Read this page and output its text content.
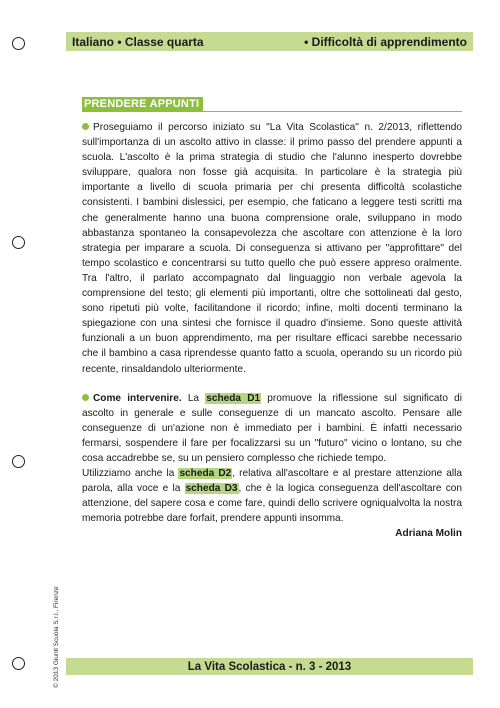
Italiano • Classe quarta	• Difficoltà di apprendimento
PRENDERE APPUNTI

Proseguiamo il percorso iniziato su "La Vita Scolastica" n. 2/2013, riflettendo sull'importanza di un ascolto attivo in classe: il primo passo del prendere appunti a scuola. L'ascolto è la prima strategia di studio che l'alunno inesperto dovrebbe sviluppare, qualora non fosse già acquisita. In particolare è la strategia più importante a livello di scuola primaria per chi presenta difficoltà scolastiche consistenti. I bambini dislessici, per esempio, che faticano a leggere testi scritti ma che generalmente hanno una buona comprensione orale, sviluppano in modo abbastanza spontaneo la consapevolezza che ascoltare con attenzione è la loro strategia per imparare a scuola. Di conseguenza si attivano per "approfittare" del tempo scolastico e concentrarsi su tutto quello che può essere appreso oralmente. Tra l'altro, il parlato accompagnato dal linguaggio non verbale agevola la comprensione del testo; gli elementi più importanti, oltre che sottolineati dal gesto, sono ripetuti più volte, facilitandone il ricordo; infine, molti docenti terminano la spiegazione con una sintesi che fornisce il quadro d'insieme. Sono queste attività funzionali a un buon apprendimento, ma per risultare efficaci sarebbe necessario che il bambino a casa riprendesse quanto fatto a scuola, operando su un ricordo più recente, rinsaldandolo ulteriormente.

Come intervenire. La scheda D1 promuove la riflessione sul significato di ascolto in generale e sulle conseguenze di un mancato ascolto. Pensare alle conseguenze di un'azione non è immediato per i bambini. È infatti necessario fermarsi, sospendere il fare per focalizzarsi su un "futuro" vicino o lontano, su che cosa accadrebbe se, su un pensiero complesso che richiede tempo.

Utilizziamo anche la scheda D2, relativa all'ascoltare e al prestare attenzione alla parola, alla voce e la scheda D3, che è la logica conseguenza dell'ascoltare con attenzione, del sapere cosa e come fare, quindi dello scrivere ogniqualvolta la nostra memoria potrebbe dare forfait, prendere appunti insomma.

Adriana Molin

© 2013 Giunti Scuola S.r.l., Firenze	La Vita Scolastica - n. 3 - 2013
